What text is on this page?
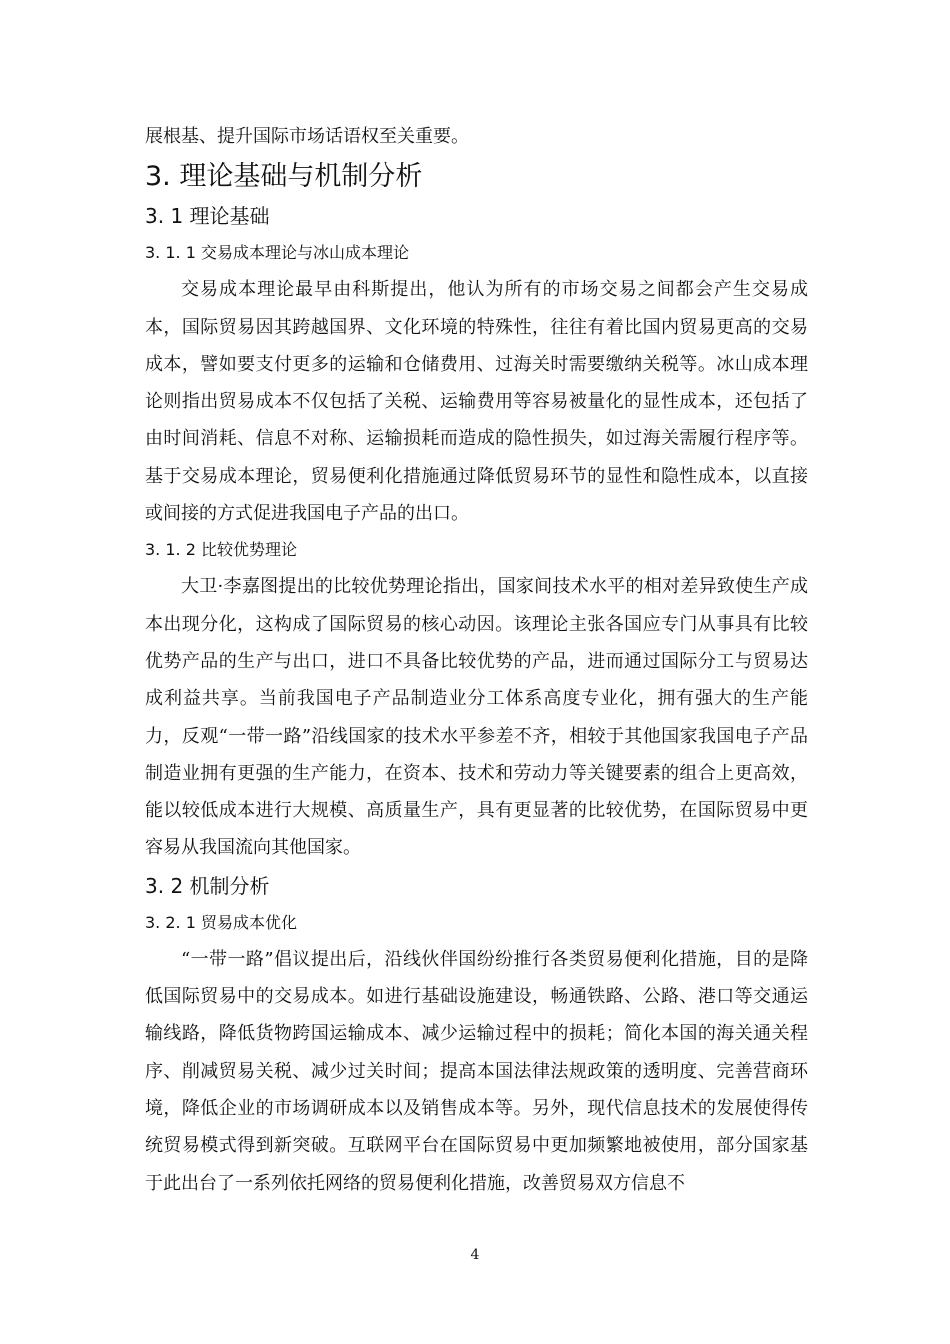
展根基、提升国际市场话语权至关重要。

3. 理论基础与机制分析
3. 1 理论基础
3. 1. 1 交易成本理论与冰山成本理论

交易成本理论最早由科斯提出，他认为所有的市场交易之间都会产生交易成本，国际贸易因其跨越国界、文化环境的特殊性，往往有着比国内贸易更高的交易成本，譬如要支付更多的运输和仓储费用、过海关时需要缴纳关税等。冰山成本理论则指出贸易成本不仅包括了关税、运输费用等容易被量化的显性成本，还包括了由时间消耗、信息不对称、运输损耗而造成的隐性损失，如过海关需履行程序等。基于交易成本理论，贸易便利化措施通过降低贸易环节的显性和隐性成本，以直接或间接的方式促进我国电子产品的出口。

3. 1. 2 比较优势理论

大卫·李嘉图提出的比较优势理论指出，国家间技术水平的相对差异致使生产成本出现分化，这构成了国际贸易的核心动因。该理论主张各国应专门从事具有比较优势产品的生产与出口，进口不具备比较优势的产品，进而通过国际分工与贸易达成利益共享。当前我国电子产品制造业分工体系高度专业化，拥有强大的生产能力，反观“一带一路”沿线国家的技术水平参差不齐，相较于其他国家我国电子产品制造业拥有更强的生产能力，在资本、技术和劳动力等关键要素的组合上更高效，能以较低成本进行大规模、高质量生产，具有更显著的比较优势，在国际贸易中更容易从我国流向其他国家。

3. 2 机制分析
3. 2. 1 贸易成本优化

“一带一路”倡议提出后，沿线伙伴国纷纷推行各类贸易便利化措施，目的是降低国际贸易中的交易成本。如进行基础设施建设，畅通铁路、公路、港口等交通运输线路，降低货物跨国运输成本、减少运输过程中的损耗；简化本国的海关通关程序、削减贸易关税、减少过关时间；提高本国法律法规政策的透明度、完善营商环境，降低企业的市场调研成本以及销售成本等。另外，现代信息技术的发展使得传统贸易模式得到新突破。互联网平台在国际贸易中更加频繁地被使用，部分国家基于此出台了一系列依托网络的贸易便利化措施，改善贸易双方信息不

4
